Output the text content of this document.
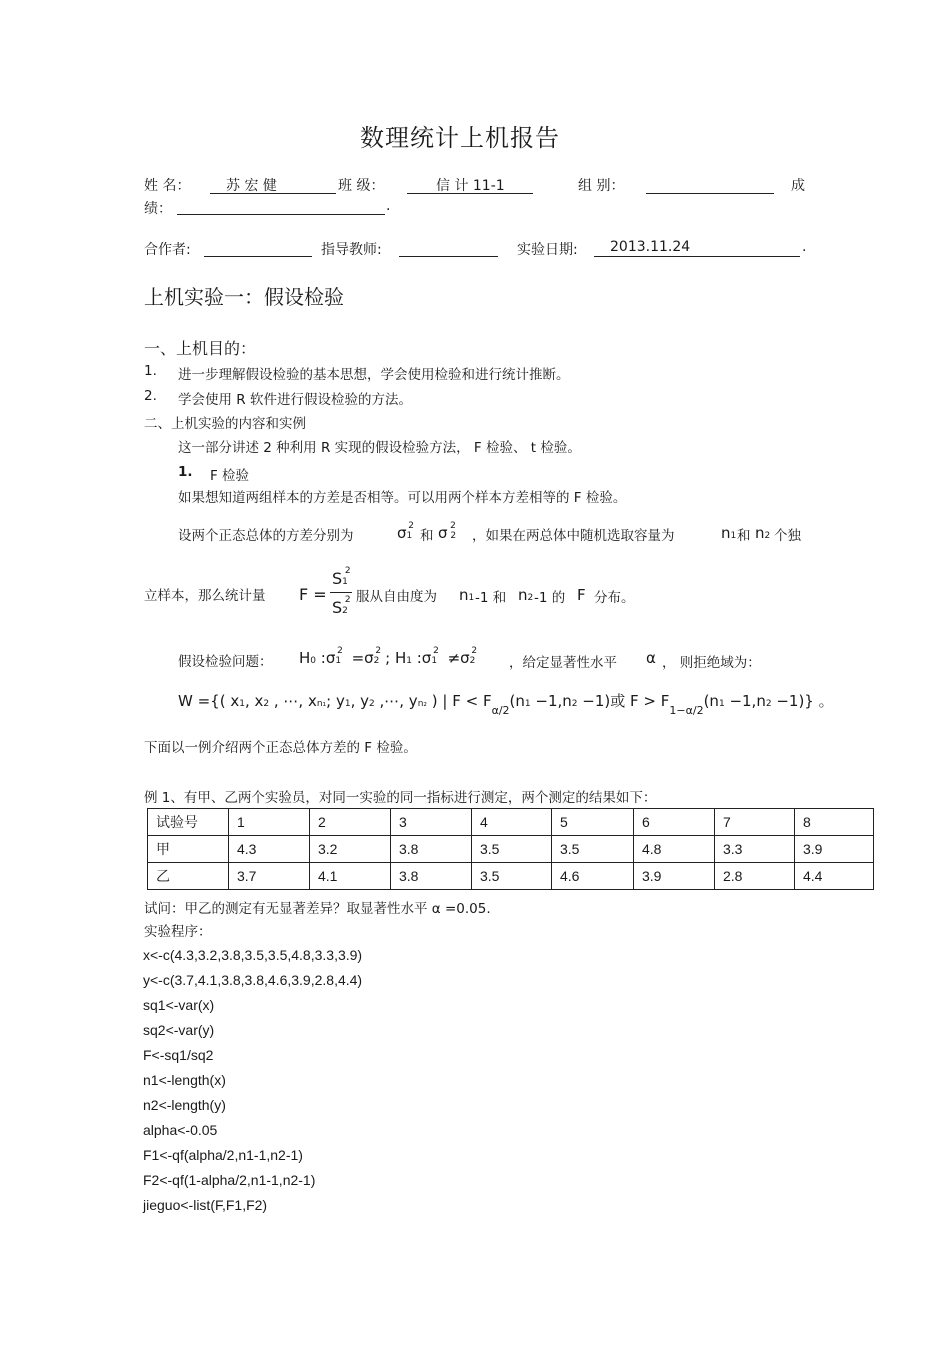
数理统计上机报告
姓 名：	苏 宏 健	班 级：	信 计 11-1	组 别：	成
绩：	.
合作者:	指导教师:	实验日期: 2013.11.24	.
上机实验一：假设检验
一、上机目的：
1. 进一步理解假设检验的基本思想，学会使用检验和进行统计推断。
2. 学会使用 R 软件进行假设检验的方法。
二、上机实验的内容和实例
这一部分讲述 2 种利用 R 实现的假设检验方法， F 检验、 t 检验。
1. F 检验
如果想知道两组样本的方差是否相等。可以用两个样本方差相等的 F 检验。
设两个正态总体的方差分别为	$\sigma 1^2$
和 σ $2^2$
，如果在两总体中随机选取容量为	n1 和 n2 个独
立样本，那么统计量 F =
$S1^2$
$S2^2$ 服从自由度为 n1 -1 和 n2 -1 的 F 分布。
假设检验问题： H0 $:\sigma 1^2 =\sigma 2^2$ ; H1 $:\sigma 1^2 \ne\sigma 2^2$
，给定显著性水平 α ， 则拒绝域为：
W ={( x1, x2 , ⋯, xn₁; y1, y2 ,⋯, yn₂ ) | $F < F_{\alpha/2}(n1 -1,n2 -1)$或 $F > F_{1-\alpha/2}(n1 -1,n2 -1)$} 。
下面以一例介绍两个正态总体方差的 F 检验。
例 1、有甲、乙两个实验员，对同一实验的同一指标进行测定，两个测定的结果如下：
试验号	1	2	3	4	5	6	7	8
甲	4.3	3.2	3.8	3.5	3.5	4.8	3.3	3.9
乙	3.7	4.1	3.8	3.5	4.6	3.9	2.8	4.4
试问：甲乙的测定有无显著差异？取显著性水平 α =0.05.
实验程序：
x<-c(4.3,3.2,3.8,3.5,3.5,4.8,3.3,3.9)
y<-c(3.7,4.1,3.8,3.8,4.6,3.9,2.8,4.4)
sq1<-var(x)
sq2<-var(y)
F<-sq1/sq2
n1<-length(x)
n2<-length(y)
alpha<-0.05
F1<-qf(alpha/2,n1-1,n2-1)
F2<-qf(1-alpha/2,n1-1,n2-1)
jieguo<-list(F,F1,F2)
